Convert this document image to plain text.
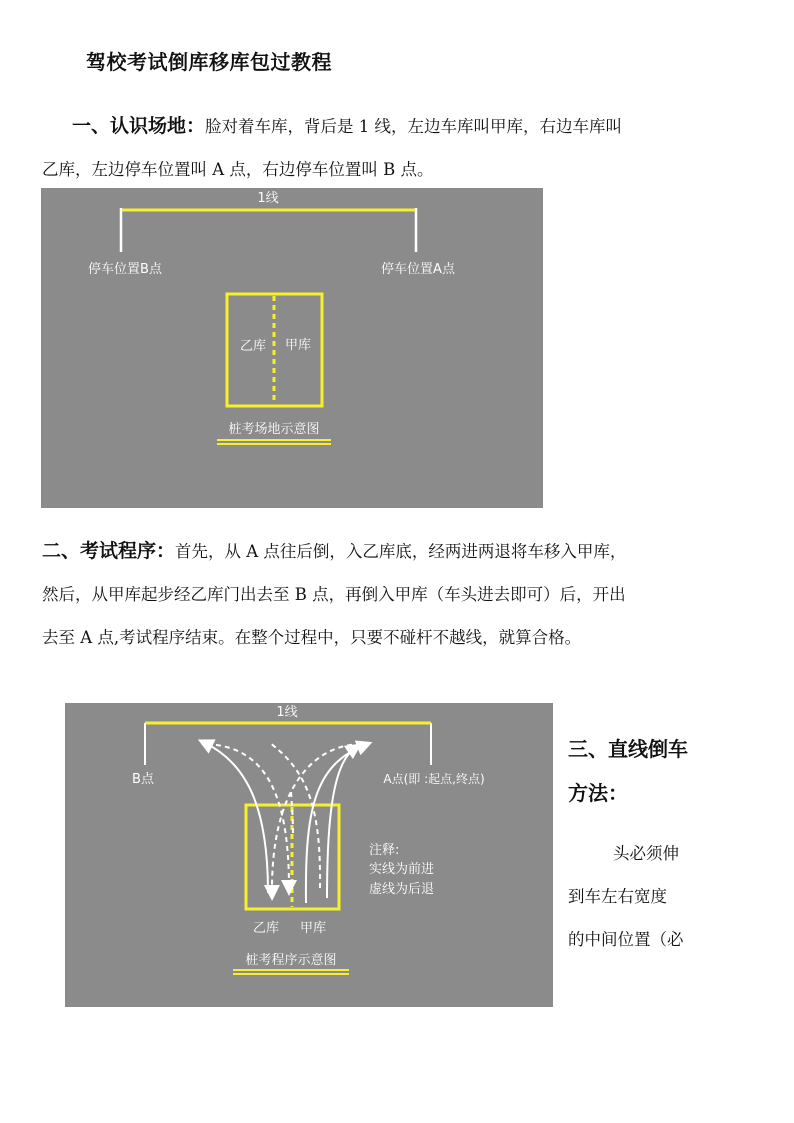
驾校考试倒库移库包过教程
一、认识场地：脸对着车库，背后是 1 线，左边车库叫甲库，右边车库叫
乙库，左边停车位置叫 A 点，右边停车位置叫 B 点。
1线
停车位置B点	停车位置A点
乙库 甲库
桩考场地示意图
二、考试程序：首先，从 A 点往后倒，入乙库底，经两进两退将车移入甲库，
然后，从甲库起步经乙库门出去至 B 点，再倒入甲库（车头进去即可）后，开出
去至 A 点,考试程序结束。在整个过程中，只要不碰杆不越线，就算合格。
1线
B点	A点(即 :起点,终点)
注释:
实线为前进
虚线为后退
乙库 甲库
桩考程序示意图
三、直线倒车
方法：
头必须伸
到车左右宽度
的中间位置（必
